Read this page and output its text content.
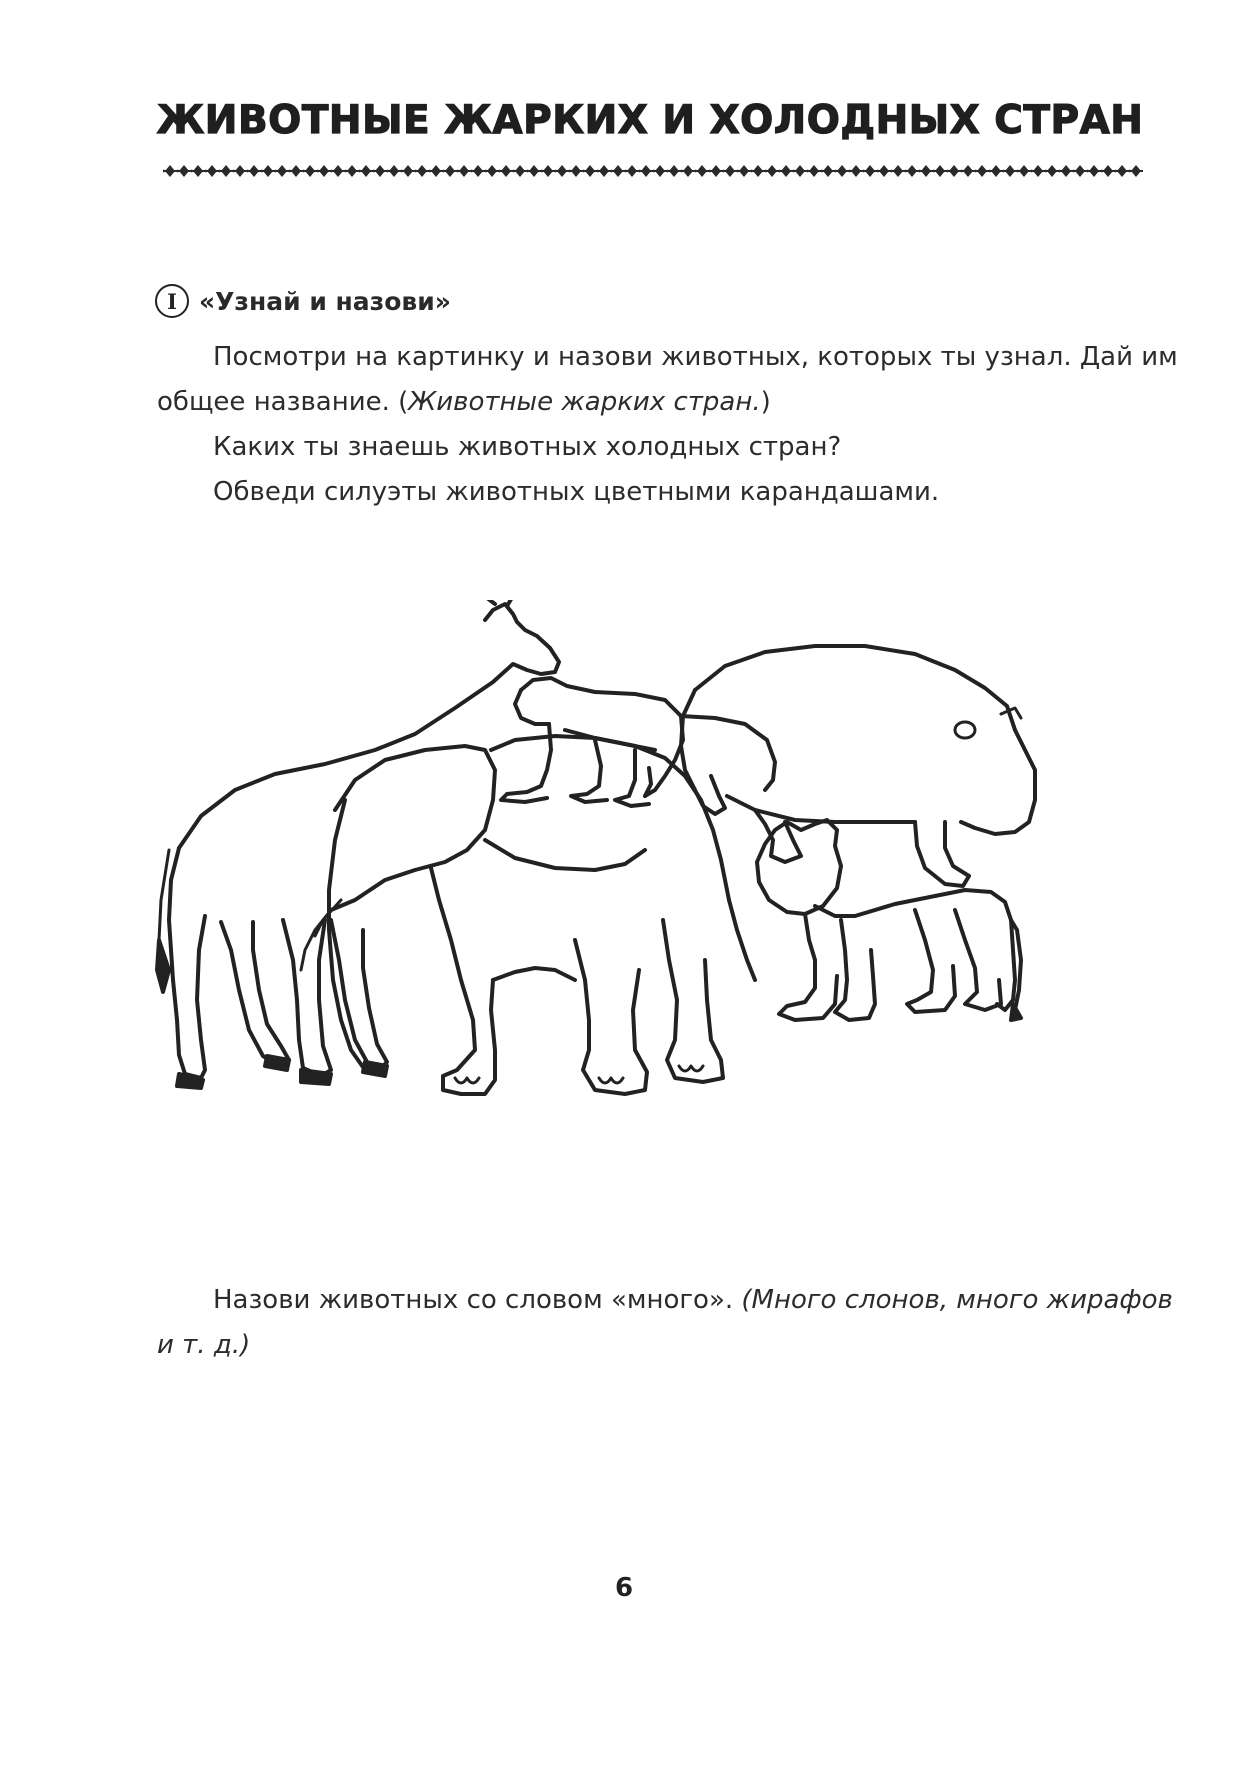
ЖИВОТНЫЕ ЖАРКИХ И ХОЛОДНЫХ СТРАН
I «Узнай и назови»

Посмотри на картинку и назови животных, которых ты узнал. Дай им

общее название. (Животные жарких стран.)

Каких ты знаешь животных холодных стран?

Обведи силуэты животных цветными карандашами.

Назови животных со словом «много». (Много слонов, много жирафов

и т. д.)

6
